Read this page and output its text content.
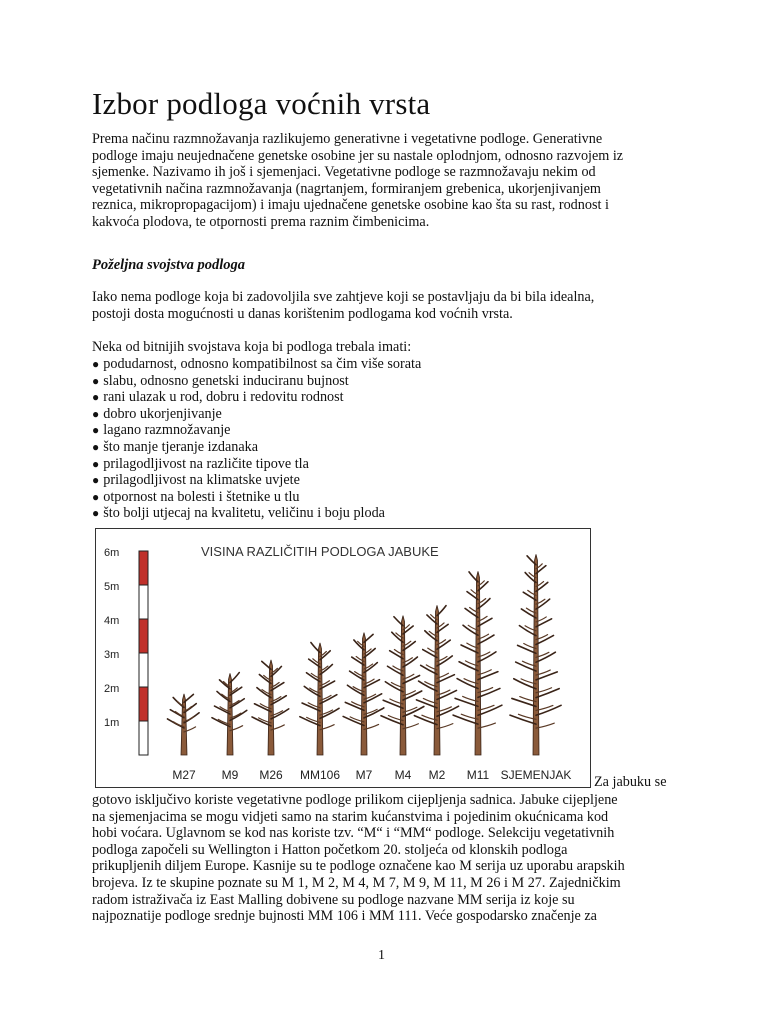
Izbor podloga voćnih vrsta
Prema načinu razmnožavanja razlikujemo generativne i vegetativne podloge. Generativne
podloge imaju neujednačene genetske osobine jer su nastale oplodnjom, odnosno razvojem iz
sjemenke. Nazivamo ih još i sjemenjaci. Vegetativne podloge se razmnožavaju nekim od
vegetativnih načina razmnožavanja (nagrtanjem, formiranjem grebenica, ukorjenjivanjem
reznica, mikropropagacijom) i imaju ujednačene genetske osobine kao šta su rast, rodnost i
kakvoća plodova, te otpornosti prema raznim čimbenicima.
Poželjna svojstva podloga
Iako nema podloge koja bi zadovoljila sve zahtjeve koji se postavljaju da bi bila idealna,
postoji dosta mogućnosti u danas korištenim podlogama kod voćnih vrsta.
Neka od bitnijih svojstava koja bi podloga trebala imati:
● podudarnost, odnosno kompatibilnost sa čim više sorata
● slabu, odnosno genetski induciranu bujnost
● rani ulazak u rod, dobru i redovitu rodnost
● dobro ukorjenjivanje
● lagano razmnožavanje
● što manje tjeranje izdanaka
● prilagodljivost na različite tipove tla
● prilagodljivost na klimatske uvjete
● otpornost na bolesti i štetnike u tlu
● što bolji utjecaj na kvalitetu, veličinu i boju ploda
6m
5m
4m
3m
2m
1m
VISINA RAZLIČITIH PODLOGA JABUKE
M27 M9 M26 MM106 M7 M4 M2 M11 SJEMENJAK Za jabuku se
gotovo isključivo koriste vegetativne podloge prilikom cijepljenja sadnica. Jabuke cijepljene
na sjemenjacima se mogu vidjeti samo na starim kućanstvima i pojedinim okućnicama kod
hobi voćara. Uglavnom se kod nas koriste tzv. “M“ i “MM“ podloge. Selekciju vegetativnih
podloga započeli su Wellington i Hatton početkom 20. stoljeća od klonskih podloga
prikupljenih diljem Europe. Kasnije su te podloge označene kao M serija uz uporabu arapskih
brojeva. Iz te skupine poznate su M 1, M 2, M 4, M 7, M 9, M 11, M 26 i M 27. Zajedničkim
radom istraživača iz East Malling dobivene su podloge nazvane MM serija iz koje su
najpoznatije podloge srednje bujnosti MM 106 i MM 111. Veće gospodarsko značenje za
1
